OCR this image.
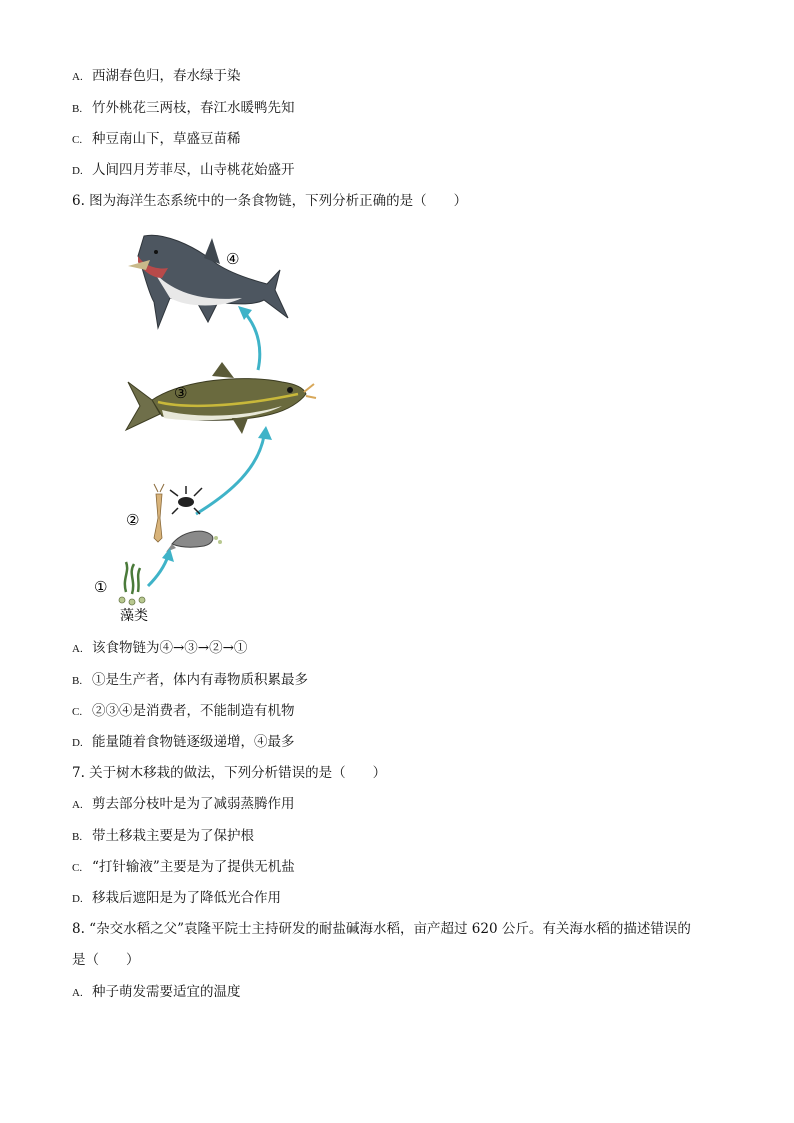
A. 西湖春色归，春水绿于染
B. 竹外桃花三两枝，春江水暖鸭先知
C. 种豆南山下，草盛豆苗稀
D. 人间四月芳菲尽，山寺桃花始盛开
6. 图为海洋生态系统中的一条食物链，下列分析正确的是（　　）
④
③
②
①
藻类
A. 该食物链为④→③→②→①
B. ①是生产者，体内有毒物质积累最多
C. ②③④是消费者，不能制造有机物
D. 能量随着食物链逐级递增，④最多
7. 关于树木移栽的做法，下列分析错误的是（　　）
A. 剪去部分枝叶是为了减弱蒸腾作用
B. 带土移栽主要是为了保护根
C. “打针输液”主要是为了提供无机盐
D. 移栽后遮阳是为了降低光合作用
8. “杂交水稻之父”袁隆平院士主持研发的耐盐碱海水稻，亩产超过 620 公斤。有关海水稻的描述错误的
是（　　）
A. 种子萌发需要适宜的温度
